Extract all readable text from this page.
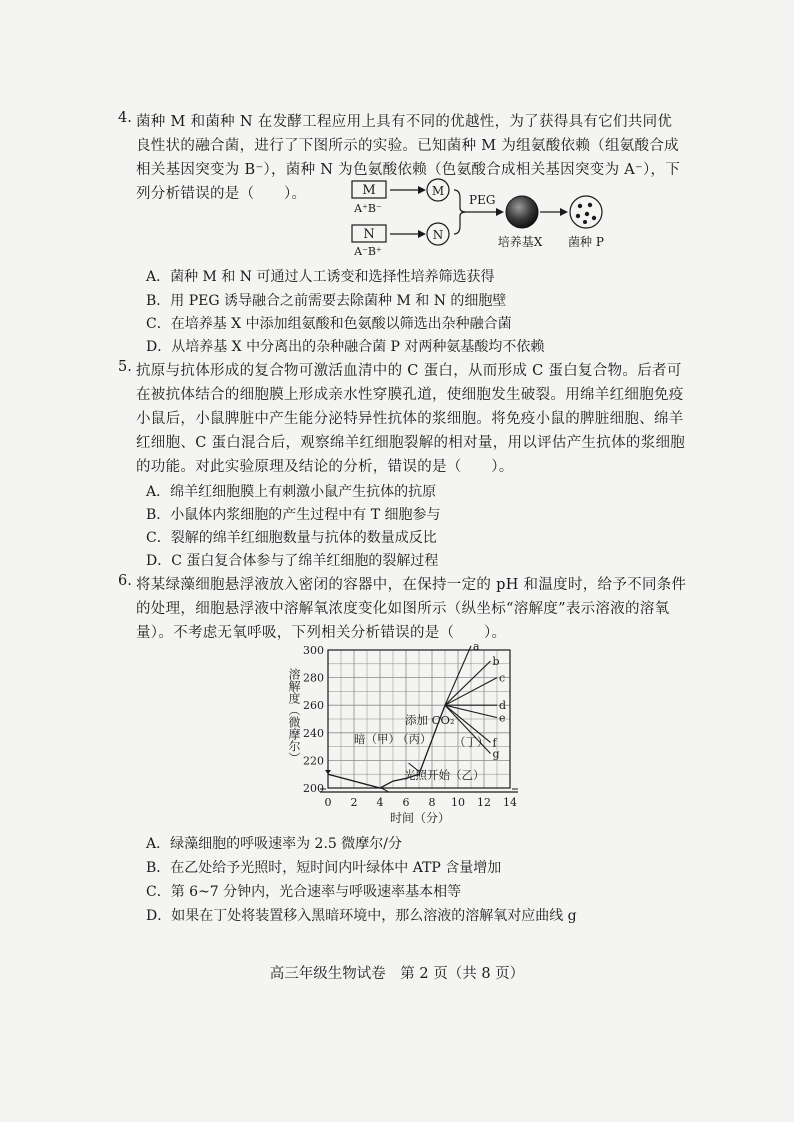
4. 菌种 M 和菌种 N 在发酵工程应用上具有不同的优越性，为了获得具有它们共同优
良性状的融合菌，进行了下图所示的实验。已知菌种 M 为组氨酸依赖（组氨酸合成
相关基因突变为 B⁻），菌种 N 为色氨酸依赖（色氨酸合成相关基因突变为 A⁻），下
列分析错误的是（　　）。	M
A⁺B⁻
M
N
A⁻B⁺
N
PEG
培养基X 菌种 P
A．菌种 M 和 N 可通过人工诱变和选择性培养筛选获得
B．用 PEG 诱导融合之前需要去除菌种 M 和 N 的细胞壁
C．在培养基 X 中添加组氨酸和色氨酸以筛选出杂种融合菌
D．从培养基 X 中分离出的杂种融合菌 P 对两种氨基酸均不依赖
5. 抗原与抗体形成的复合物可激活血清中的 C 蛋白，从而形成 C 蛋白复合物。后者可
在被抗体结合的细胞膜上形成亲水性穿膜孔道，使细胞发生破裂。用绵羊红细胞免疫
小鼠后，小鼠脾脏中产生能分泌特异性抗体的浆细胞。将免疫小鼠的脾脏细胞、绵羊
红细胞、C 蛋白混合后，观察绵羊红细胞裂解的相对量，用以评估产生抗体的浆细胞
的功能。对此实验原理及结论的分析，错误的是（　　）。
A．绵羊红细胞膜上有刺激小鼠产生抗体的抗原
B．小鼠体内浆细胞的产生过程中有 T 细胞参与
C．裂解的绵羊红细胞数量与抗体的数量成反比
D．C 蛋白复合体参与了绵羊红细胞的裂解过程
6. 将某绿藻细胞悬浮液放入密闭的容器中，在保持一定的 pH 和温度时，给予不同条件
的处理，细胞悬浮液中溶解氧浓度变化如图所示（纵坐标“溶解度”表示溶液的溶氧
量）。不考虑无氧呼吸，下列相关分析错误的是（　　）。
0 2 4 6 8 10 12 14
200
220
240
260
280
300	a
b
c
d
e
f
g
溶解度（微摩尔）
时间（分）
暗（甲）
（丙）
添加 CO₂
（丁）
光照开始（乙）
A．绿藻细胞的呼吸速率为 2.5 微摩尔/分
B．在乙处给予光照时，短时间内叶绿体中 ATP 含量增加
C．第 6~7 分钟内，光合速率与呼吸速率基本相等
D．如果在丁处将装置移入黑暗环境中，那么溶液的溶解氧对应曲线 g
高三年级生物试卷　第 2 页（共 8 页）
